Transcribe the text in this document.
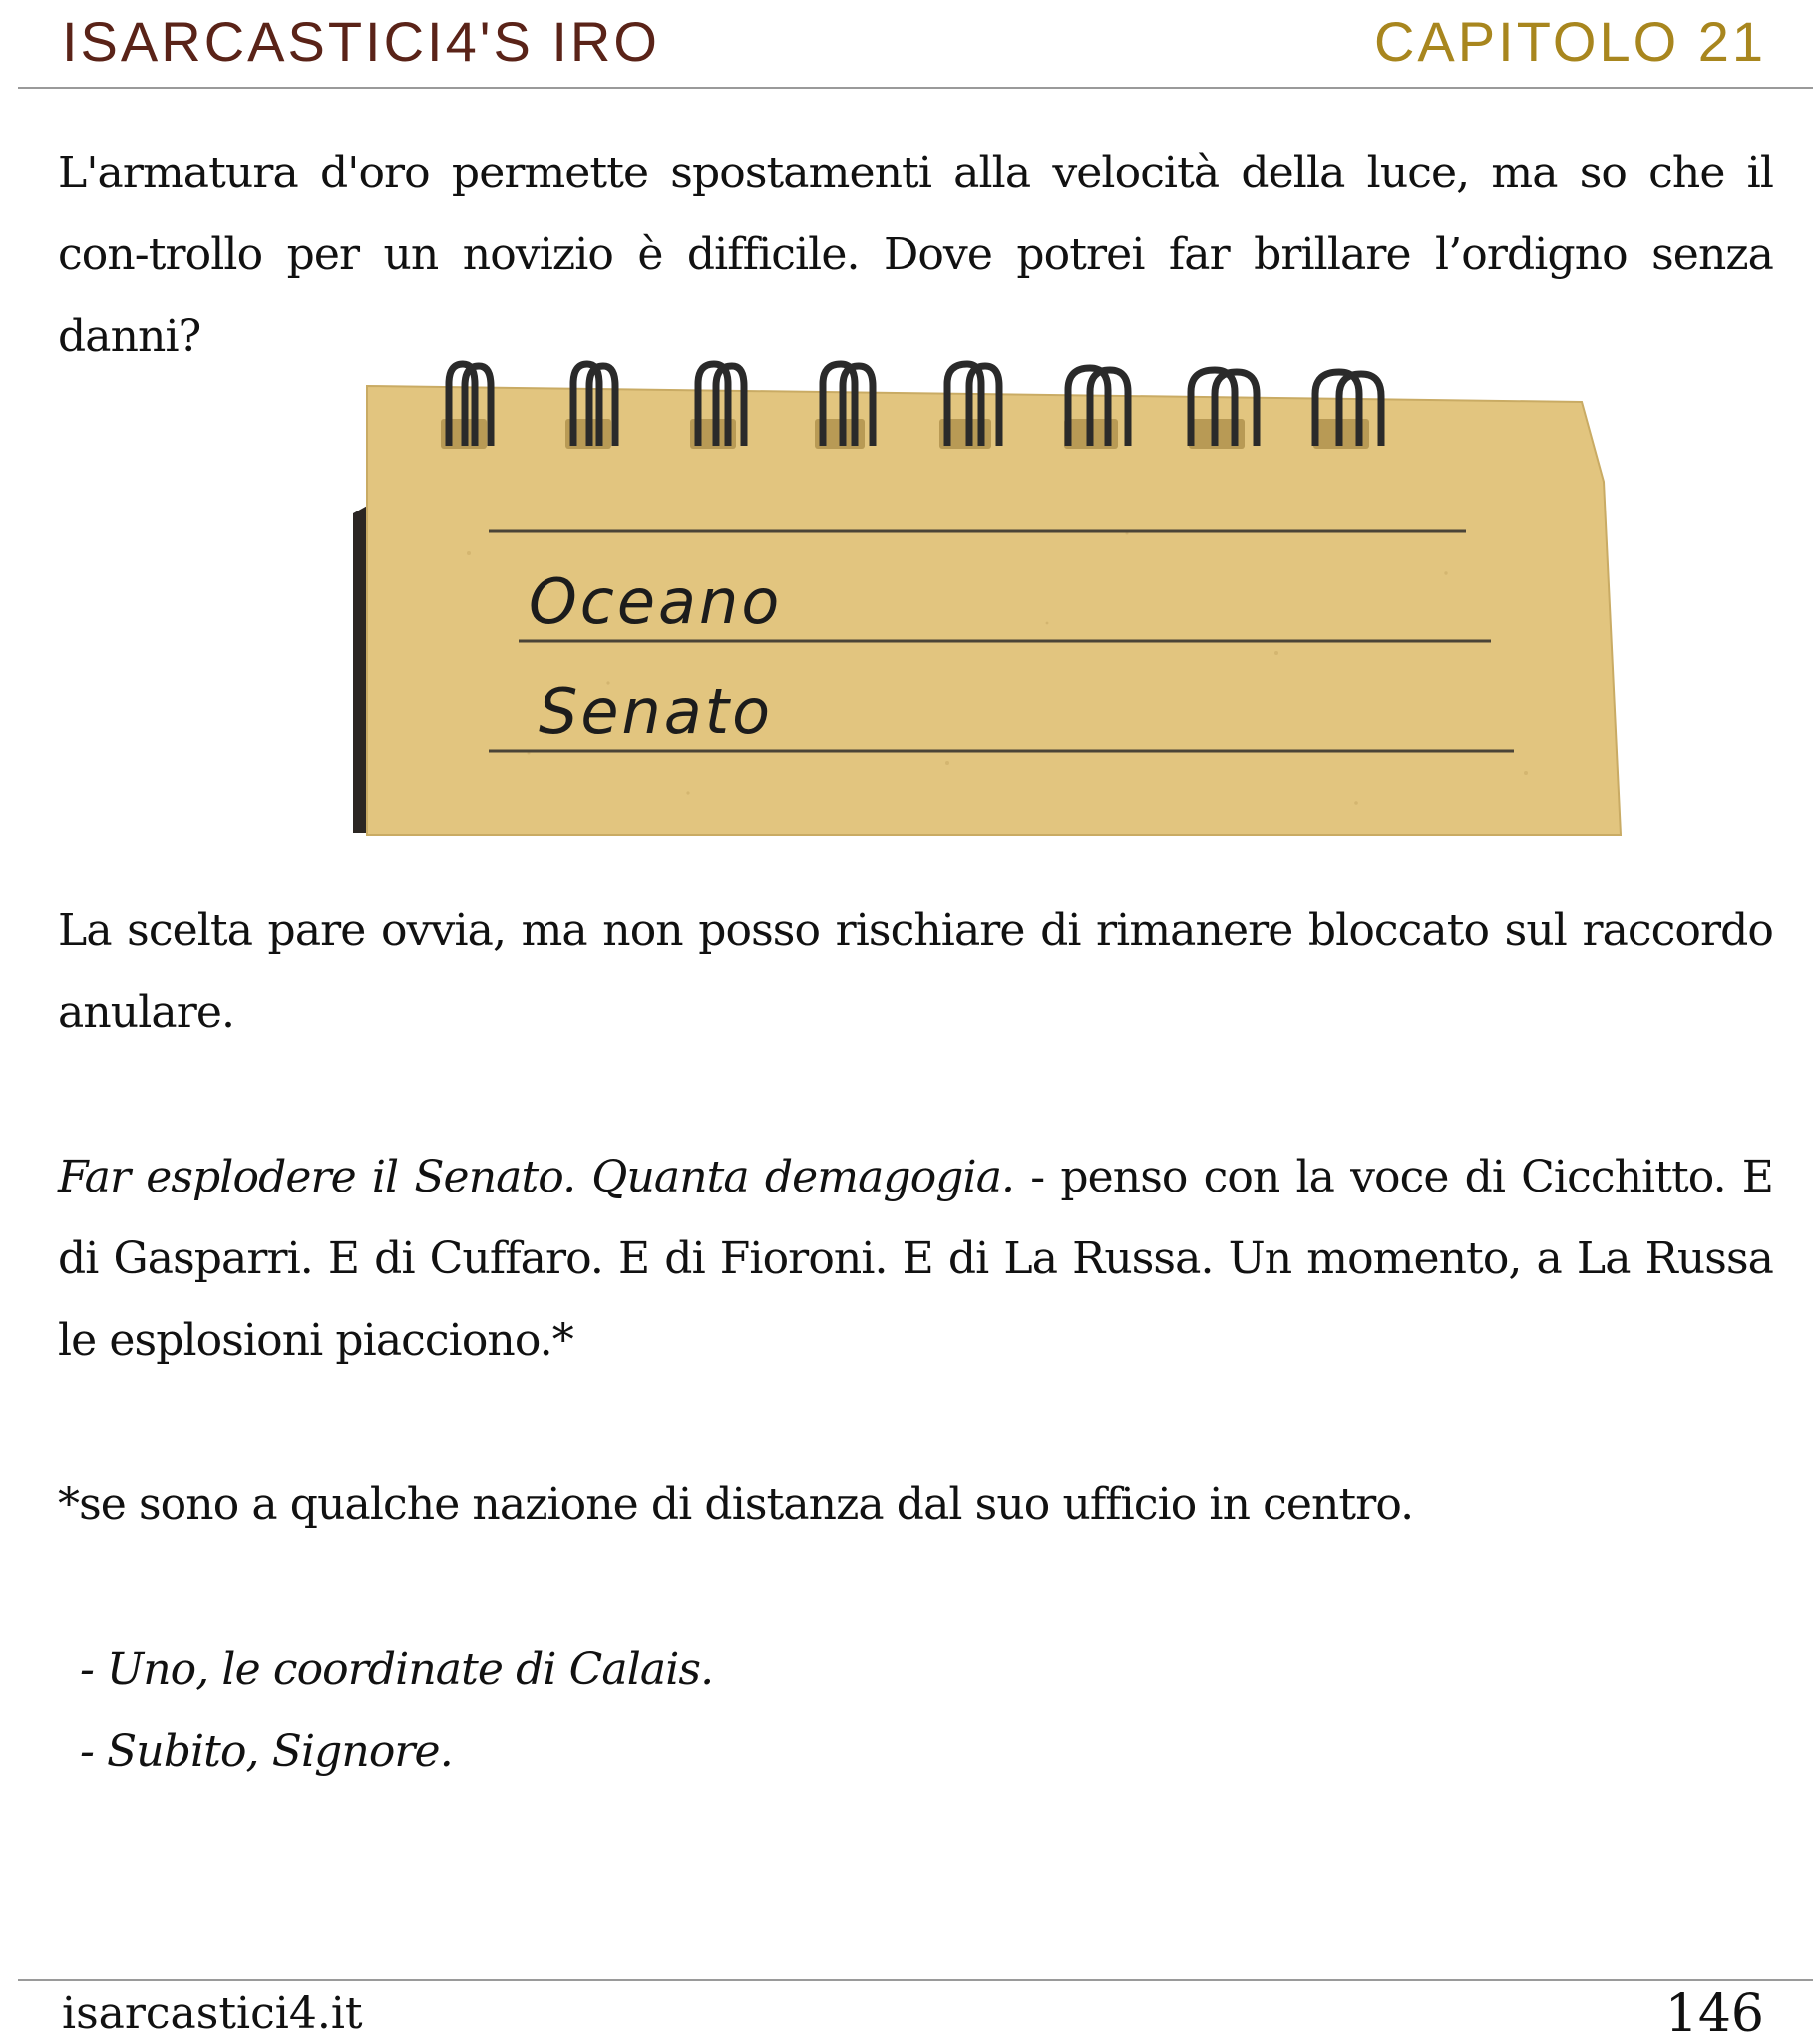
ISARCASTICI4'S IRO	CAPITOLO 21

L'armatura d'oro permette spostamenti alla velocità della luce, ma so che il con-trollo per un novizio è difficile. Dove potrei far brillare l’ordigno senza danni?

Oceano
Senato

La scelta pare ovvia, ma non posso rischiare di rimanere bloccato sul raccordo anulare.

Far esplodere il Senato. Quanta demagogia. - penso con la voce di Cicchitto. E di Gasparri. E di Cuffaro. E di Fioroni. E di La Russa. Un momento, a La Russa le esplosioni piacciono.*

*se sono a qualche nazione di distanza dal suo ufficio in centro.

- Uno, le coordinate di Calais.

- Subito, Signore.

isarcastici4.it	146
